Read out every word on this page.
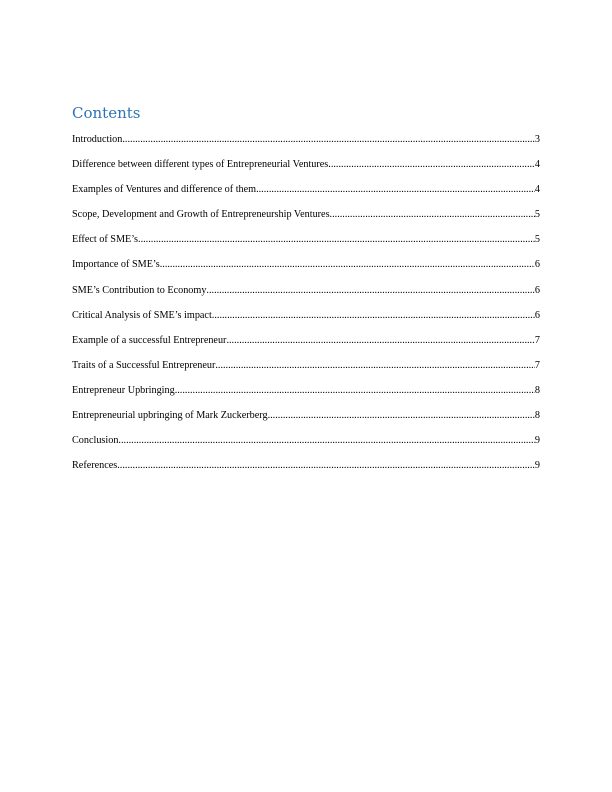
Contents
Introduction .....	3
Difference between different types of Entrepreneurial Ventures .....	4
Examples of Ventures and difference of them .....	4
Scope, Development and Growth of Entrepreneurship Ventures .....	5
Effect of SME’s .....	5
Importance of SME’s .....	6
SME’s Contribution to Economy .....	6
Critical Analysis of SME’s impact .....	6
Example of a successful Entrepreneur .....	7
Traits of a Successful Entrepreneur .....	7
Entrepreneur Upbringing .....	8
Entrepreneurial upbringing of Mark Zuckerberg .....	8
Conclusion .....	9
References .....	9
